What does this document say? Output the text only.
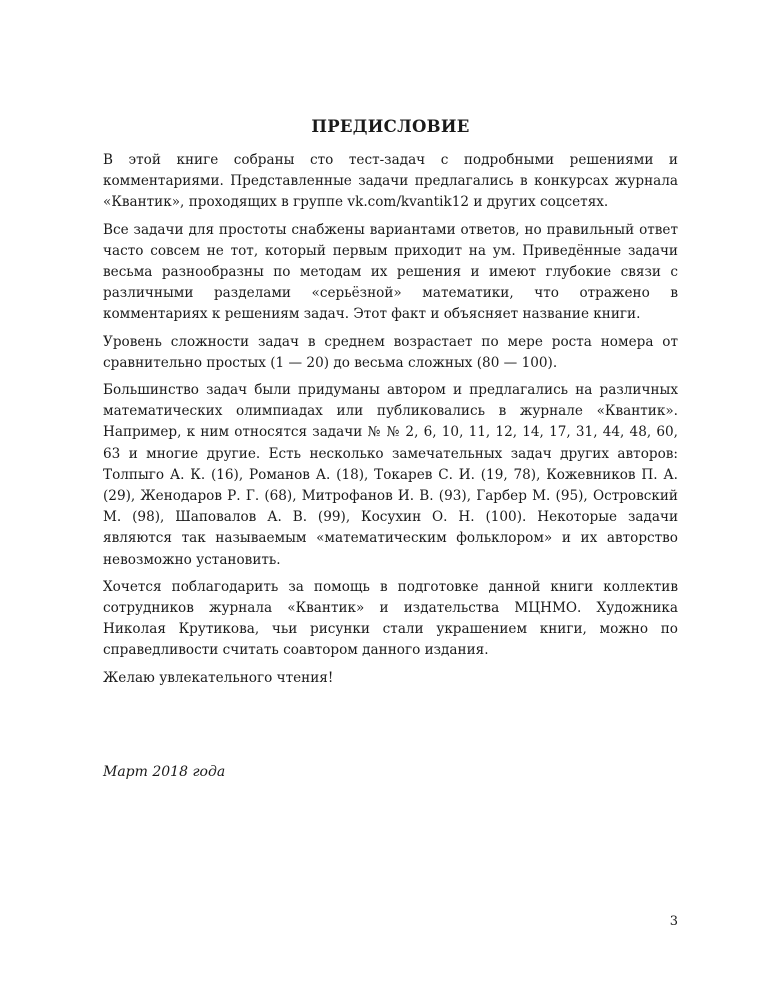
ПРЕДИСЛОВИЕ

В этой книге собраны сто тест-задач с подробными решениями и комментариями. Представленные задачи предлагались в конкурсах журнала «Квантик», проходящих в группе vk.com/kvantik12 и других соцсетях.

Все задачи для простоты снабжены вариантами ответов, но правильный ответ часто совсем не тот, который первым приходит на ум. Приведённые задачи весьма разнообразны по методам их решения и имеют глубокие связи с различными разделами «серьёзной» математики, что отражено в комментариях к решениям задач. Этот факт и объясняет название книги.

Уровень сложности задач в среднем возрастает по мере роста номера от сравнительно простых (1 — 20) до весьма сложных (80 — 100).

Большинство задач были придуманы автором и предлагались на различных математических олимпиадах или публиковались в журнале «Квантик». Например, к ним относятся задачи № № 2, 6, 10, 11, 12, 14, 17, 31, 44, 48, 60, 63 и многие другие. Есть несколько замечательных задач других авторов: Толпыго А. К. (16), Романов А. (18), Токарев С. И. (19, 78), Кожевников П. А. (29), Женодаров Р. Г. (68), Митрофанов И. В. (93), Гарбер М. (95), Островский М. (98), Шаповалов А. В. (99), Косухин О. Н. (100). Некоторые задачи являются так называемым «математическим фольклором» и их авторство невозможно установить.

Хочется поблагодарить за помощь в подготовке данной книги коллектив сотрудников журнала «Квантик» и издательства МЦНМО. Художника Николая Крутикова, чьи рисунки стали украшением книги, можно по справедливости считать соавтором данного издания.

Желаю увлекательного чтения!

Март 2018 года
3
